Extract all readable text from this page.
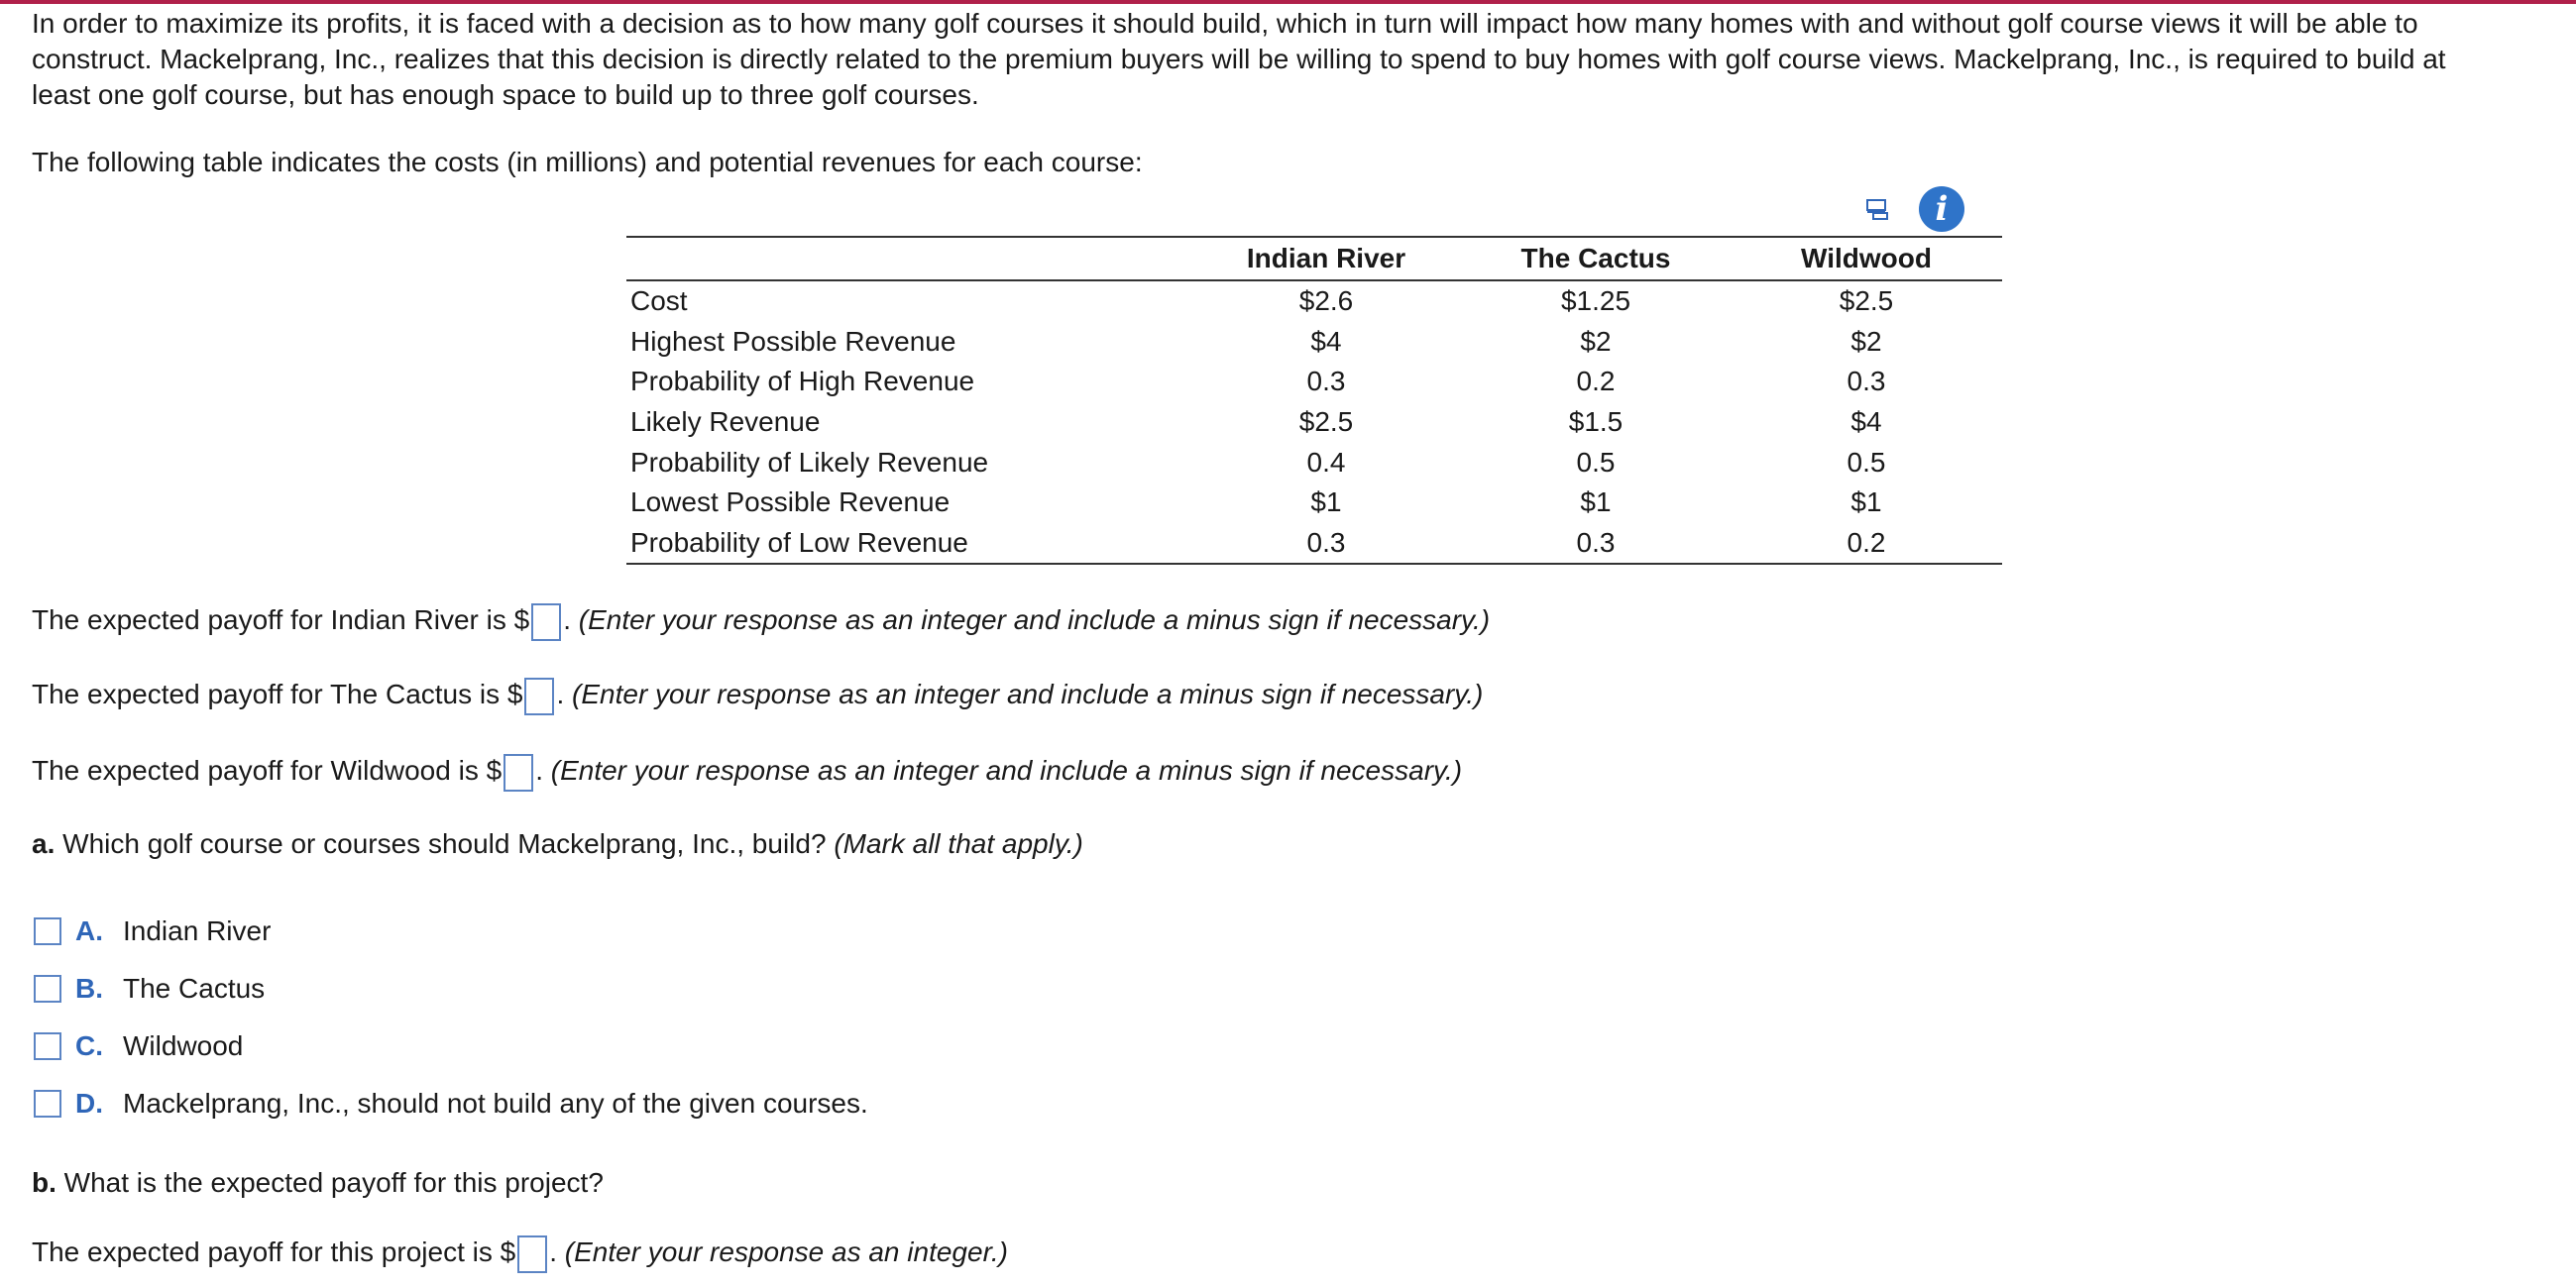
In order to maximize its profits, it is faced with a decision as to how many golf courses it should build, which in turn will impact how many homes with and without golf course views it will be able to

construct. Mackelprang, Inc., realizes that this decision is directly related to the premium buyers will be willing to spend to buy homes with golf course views. Mackelprang, Inc., is required to build at

least one golf course, but has enough space to build up to three golf courses.

The following table indicates the costs (in millions) and potential revenues for each course:
i
	Indian River	The Cactus	Wildwood
Cost	$2.6	$1.25	$2.5
Highest Possible Revenue	$4	$2	$2
Probability of High Revenue	0.3	0.2	0.3
Likely Revenue	$2.5	$1.5	$4
Probability of Likely Revenue	0.4	0.5	0.5
Lowest Possible Revenue	$1	$1	$1
Probability of Low Revenue	0.3	0.3	0.2
The expected payoff for Indian River is $ . (Enter your response as an integer and include a minus sign if necessary.)
The expected payoff for The Cactus is $ . (Enter your response as an integer and include a minus sign if necessary.)
The expected payoff for Wildwood is $ . (Enter your response as an integer and include a minus sign if necessary.)
a. Which golf course or courses should Mackelprang, Inc., build? (Mark all that apply.)
A. Indian River
B. The Cactus
C. Wildwood
D. Mackelprang, Inc., should not build any of the given courses.
b. What is the expected payoff for this project?
The expected payoff for this project is $ . (Enter your response as an integer.)
